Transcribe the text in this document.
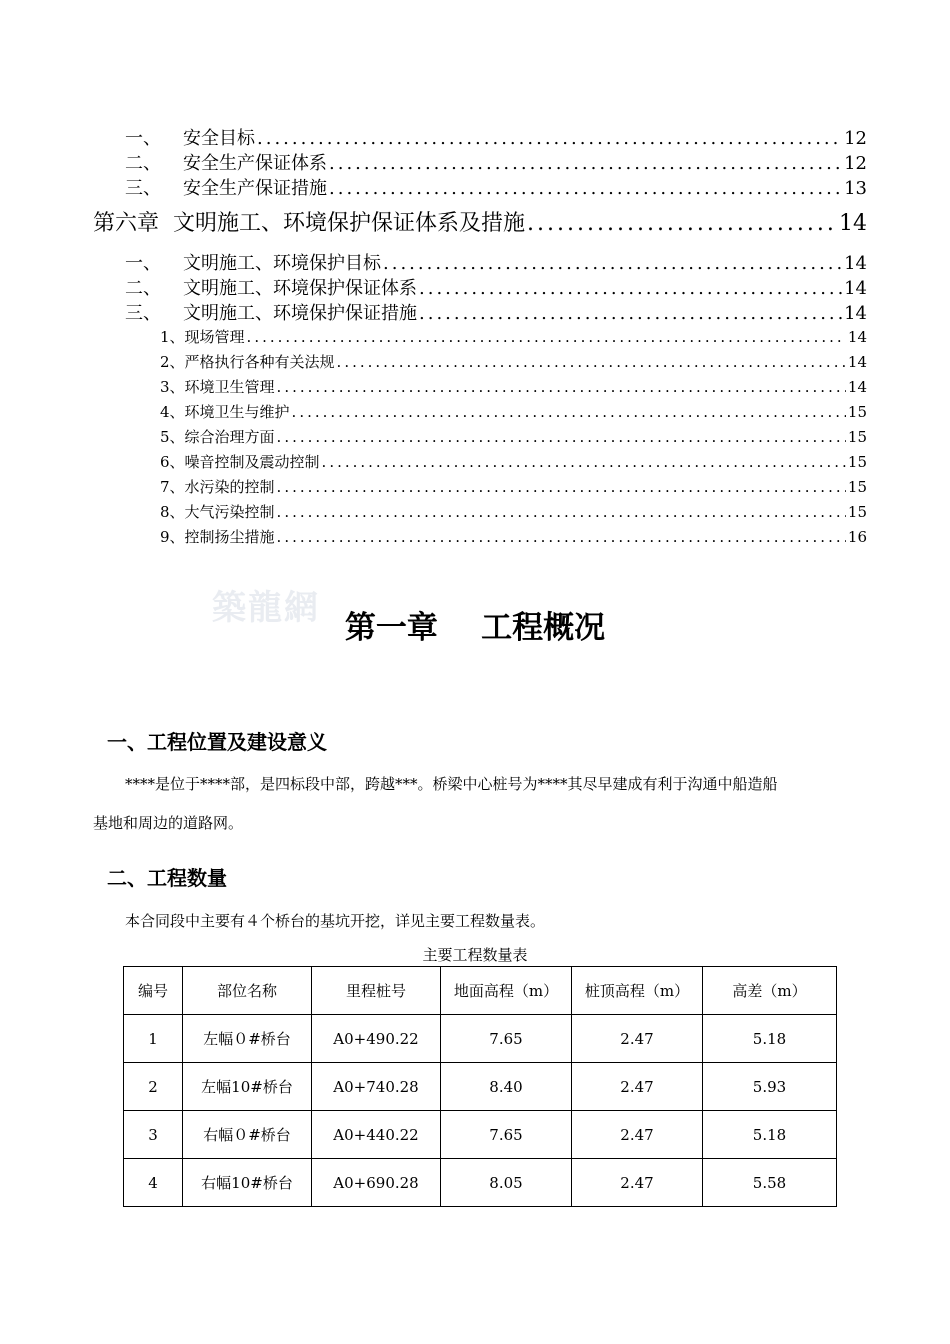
一、	安全目标 .....	12
二、	安全生产保证体系 .....	12
三、	安全生产保证措施 .....	13
第六章 文明施工、环境保护保证体系及措施 .....	14
一、	文明施工、环境保护目标 .....	14
二、	文明施工、环境保护保证体系 .....	14
三、	文明施工、环境保护保证措施 .....	14
1、现场管理 .....	14
2、严格执行各种有关法规 .....	14
3、环境卫生管理 .....	14
4、环境卫生与维护 .....	15
5、综合治理方面 .....	15
6、噪音控制及震动控制 .....	15
7、水污染的控制 .....	15
8、大气污染控制 .....	15
9、控制扬尘措施 .....	16
築龍網 第一章    工程概况
一、工程位置及建设意义
****是位于****部，是四标段中部，跨越***。桥梁中心桩号为****其尽早建成有利于沟通中船造船
基地和周边的道路网。
二、工程数量
本合同段中主要有４个桥台的基坑开挖，详见主要工程数量表。
主要工程数量表
编号	部位名称	里程桩号	地面高程（m）	桩顶高程（m）	高差（m）
1	左幅０#桥台	A0+490.22	7.65	2.47	5.18
2	左幅10#桥台	A0+740.28	8.40	2.47	5.93
3	右幅０#桥台	A0+440.22	7.65	2.47	5.18
4	右幅10#桥台	A0+690.28	8.05	2.47	5.58
